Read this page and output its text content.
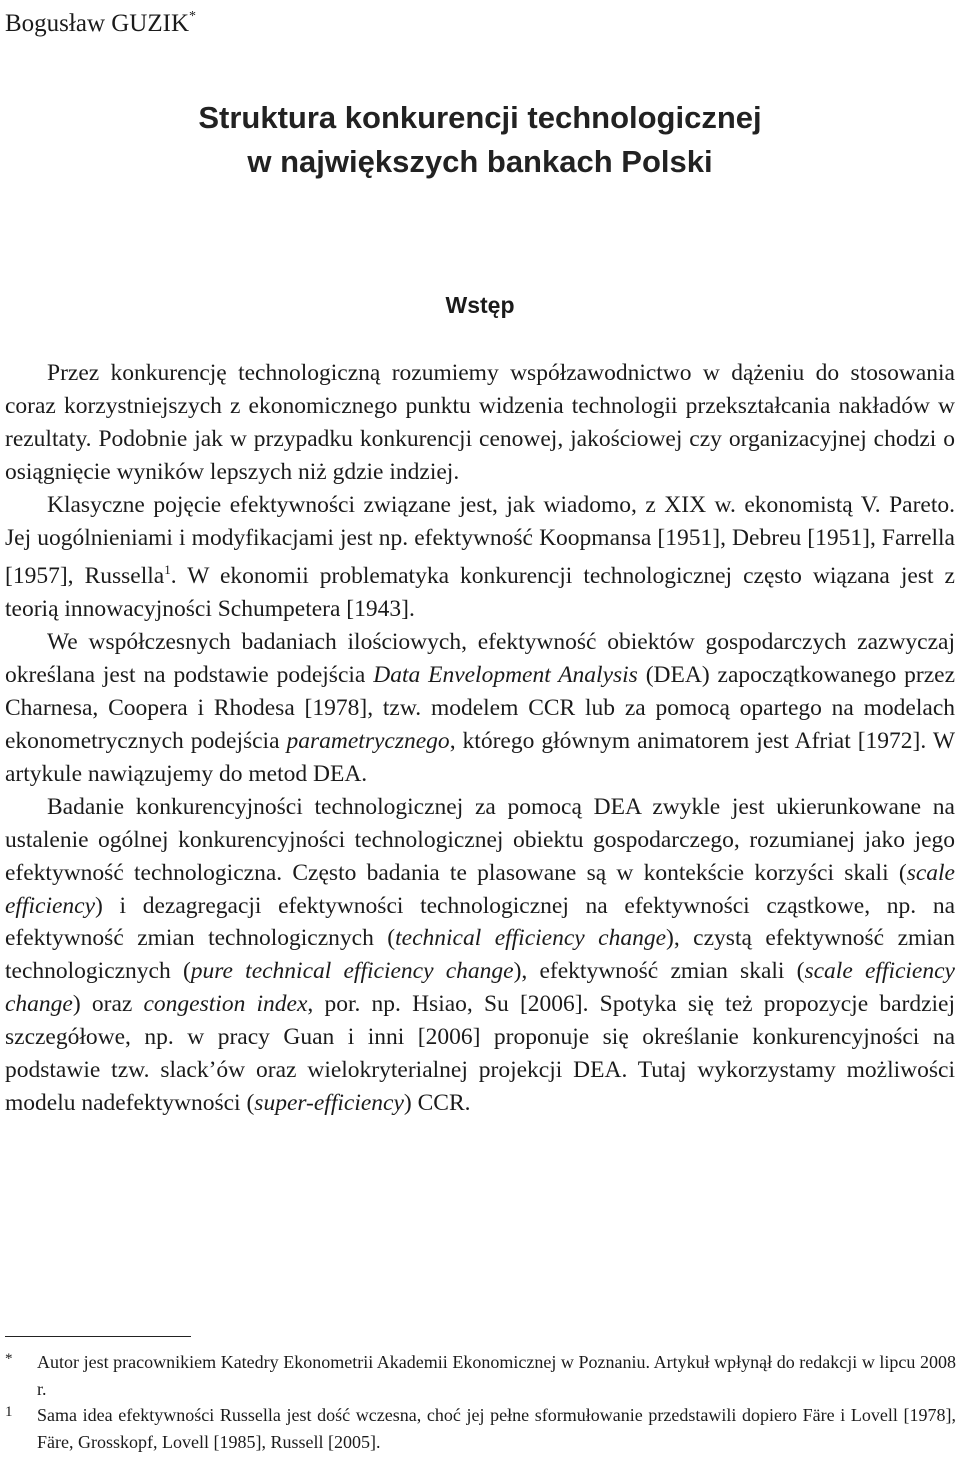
Bogusław GUZIK*
Struktura konkurencji technologicznej
w największych bankach Polski
Wstęp

Przez konkurencję technologiczną rozumiemy współzawodnictwo w dążeniu do stosowania coraz korzystniejszych z ekonomicznego punktu widzenia technologii przekształcania nakładów w rezultaty. Podobnie jak w przypadku konkurencji cenowej, jakościowej czy organizacyjnej chodzi o osiągnięcie wyników lepszych niż gdzie indziej.

Klasyczne pojęcie efektywności związane jest, jak wiadomo, z XIX w. ekonomistą V. Pareto. Jej uogólnieniami i modyfikacjami jest np. efektywność Koopmansa [1951], Debreu [1951], Farrella [1957], Russella$^1$. W ekonomii problematyka konkurencji technologicznej często wiązana jest z teorią innowacyjności Schumpetera [1943].

We współczesnych badaniach ilościowych, efektywność obiektów gospodarczych zazwyczaj określana jest na podstawie podejścia Data Envelopment Analysis (DEA) zapoczątkowanego przez Charnesa, Coopera i Rhodesa [1978], tzw. modelem CCR lub za pomocą opartego na modelach ekonometrycznych podejścia parametrycznego, którego głównym animatorem jest Afriat [1972]. W artykule nawiązujemy do metod DEA.

Badanie konkurencyjności technologicznej za pomocą DEA zwykle jest ukierunkowane na ustalenie ogólnej konkurencyjności technologicznej obiektu gospodarczego, rozumianej jako jego efektywność technologiczna. Często badania te plasowane są w kontekście korzyści skali (scale efficiency) i dezagregacji efektywności technologicznej na efektywności cząstkowe, np. na efektywność zmian technologicznych (technical efficiency change), czystą efektywność zmian technologicznych (pure technical efficiency change), efektywność zmian skali (scale efficiency change) oraz congestion index, por. np. Hsiao, Su [2006]. Spotyka się też propozycje bardziej szczegółowe, np. w pracy Guan i inni [2006] proponuje się określanie konkurencyjności na podstawie tzw. slack’ów oraz wielokryterialnej projekcji DEA. Tutaj wykorzystamy możliwości modelu nadefektywności (super-efficiency) CCR.

* Autor jest pracownikiem Katedry Ekonometrii Akademii Ekonomicznej w Poznaniu. Artykuł wpłynął do redakcji w lipcu 2008 r.
1 Sama idea efektywności Russella jest dość wczesna, choć jej pełne sformułowanie przedstawili dopiero Färe i Lovell [1978], Färe, Grosskopf, Lovell [1985], Russell [2005].
